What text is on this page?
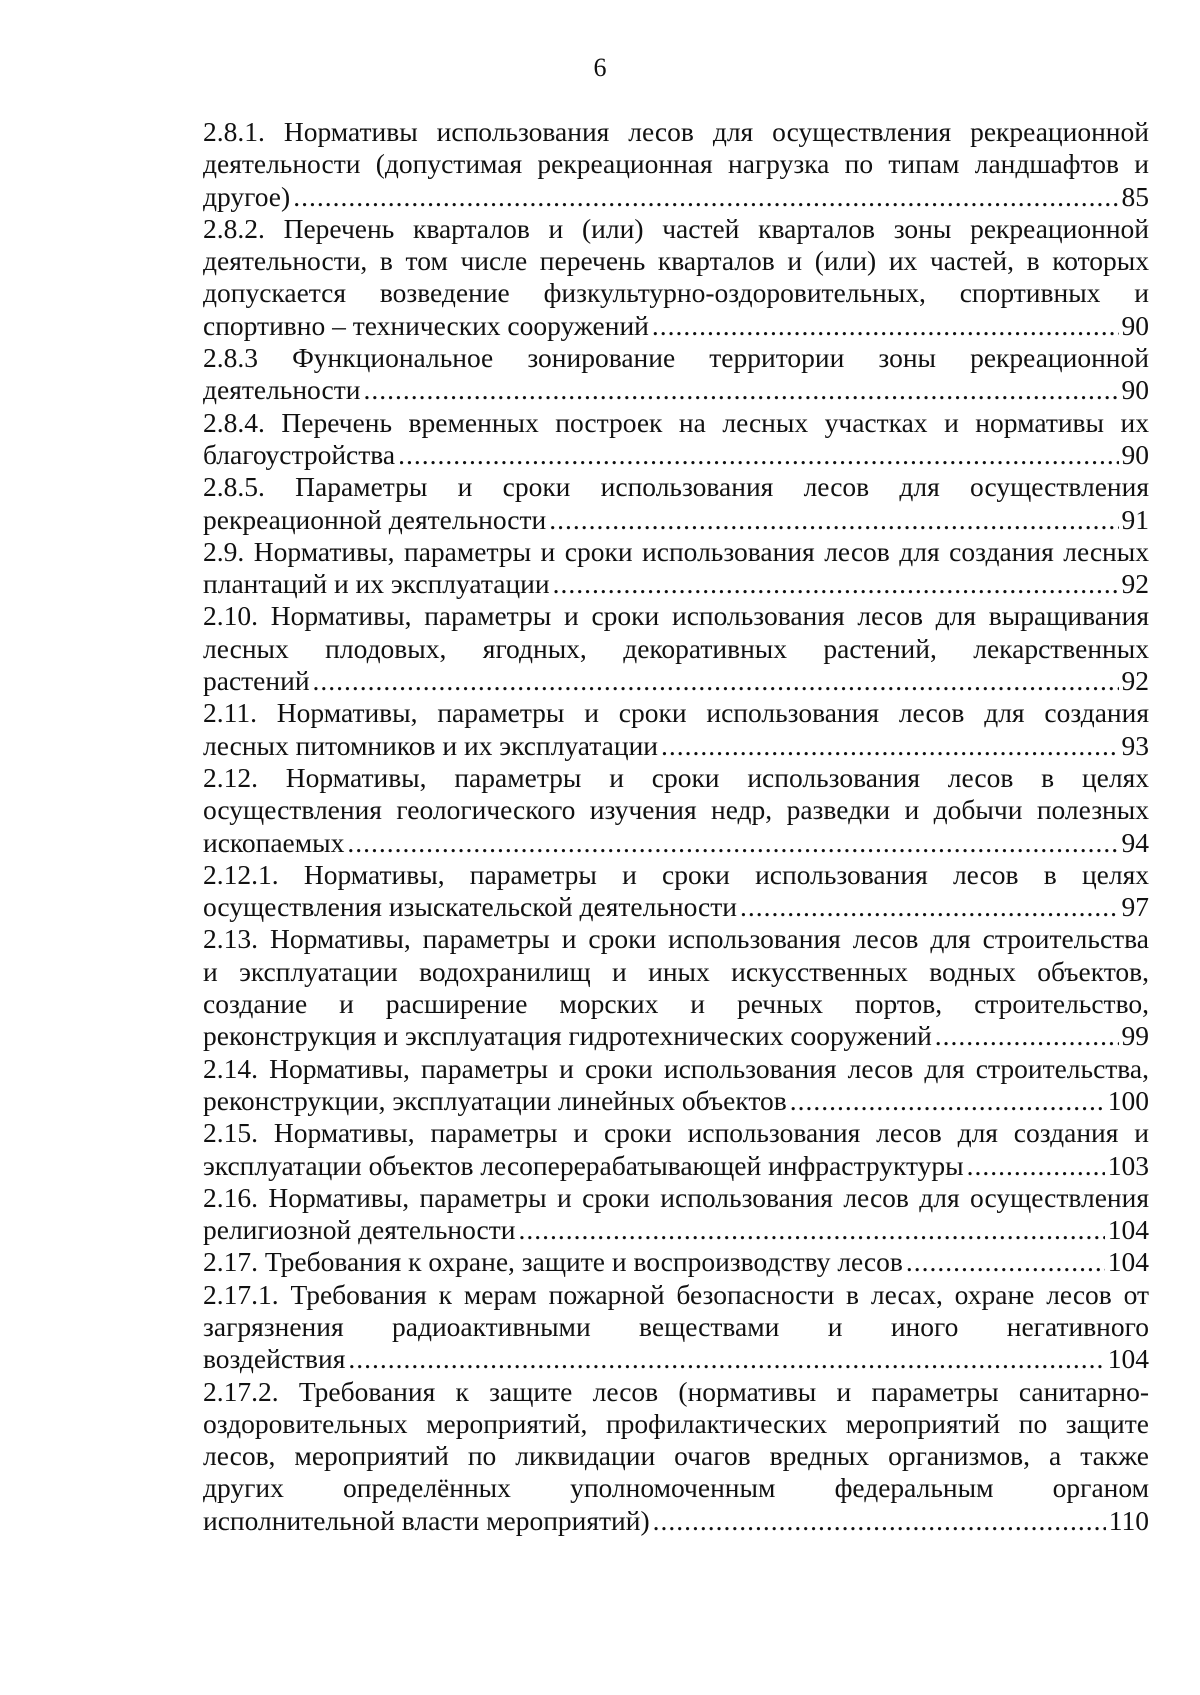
6
2.8.1. Нормативы использования лесов для осуществления рекреационной
деятельности (допустимая рекреационная нагрузка по типам ландшафтов и
другое) .....	85
2.8.2. Перечень кварталов и (или) частей кварталов зоны рекреационной
деятельности, в том числе перечень кварталов и (или) их частей, в которых
допускается возведение физкультурно-оздоровительных, спортивных и
спортивно – технических сооружений .....	90
2.8.3 Функциональное зонирование территории зоны рекреационной
деятельности .....	90
2.8.4. Перечень временных построек на лесных участках и нормативы их
благоустройства .....	90
2.8.5. Параметры и сроки использования лесов для осуществления
рекреационной деятельности .....	91
2.9. Нормативы, параметры и сроки использования лесов для создания лесных
плантаций и их эксплуатации .....	92
2.10. Нормативы, параметры и сроки использования лесов для выращивания
лесных плодовых, ягодных, декоративных растений, лекарственных
растений .....	92
2.11. Нормативы, параметры и сроки использования лесов для создания
лесных питомников и их эксплуатации .....	93
2.12. Нормативы, параметры и сроки использования лесов в целях
осуществления геологического изучения недр, разведки и добычи полезных
ископаемых .....	94
2.12.1. Нормативы, параметры и сроки использования лесов в целях
осуществления изыскательской деятельности .....	97
2.13. Нормативы, параметры и сроки использования лесов для строительства
и эксплуатации водохранилищ и иных искусственных водных объектов,
создание и расширение морских и речных портов, строительство,
реконструкция и эксплуатация гидротехнических сооружений .....	99
2.14. Нормативы, параметры и сроки использования лесов для строительства,
реконструкции, эксплуатации линейных объектов .....	100
2.15. Нормативы, параметры и сроки использования лесов для создания и
эксплуатации объектов лесоперерабатывающей инфраструктуры .....	103
2.16. Нормативы, параметры и сроки использования лесов для осуществления
религиозной деятельности .....	104
2.17. Требования к охране, защите и воспроизводству лесов .....	104
2.17.1. Требования к мерам пожарной безопасности в лесах, охране лесов от
загрязнения радиоактивными веществами и иного негативного
воздействия .....	104
2.17.2. Требования к защите лесов (нормативы и параметры санитарно-
оздоровительных мероприятий, профилактических мероприятий по защите
лесов, мероприятий по ликвидации очагов вредных организмов, а также
других определённых уполномоченным федеральным органом
исполнительной власти мероприятий) .....	110
